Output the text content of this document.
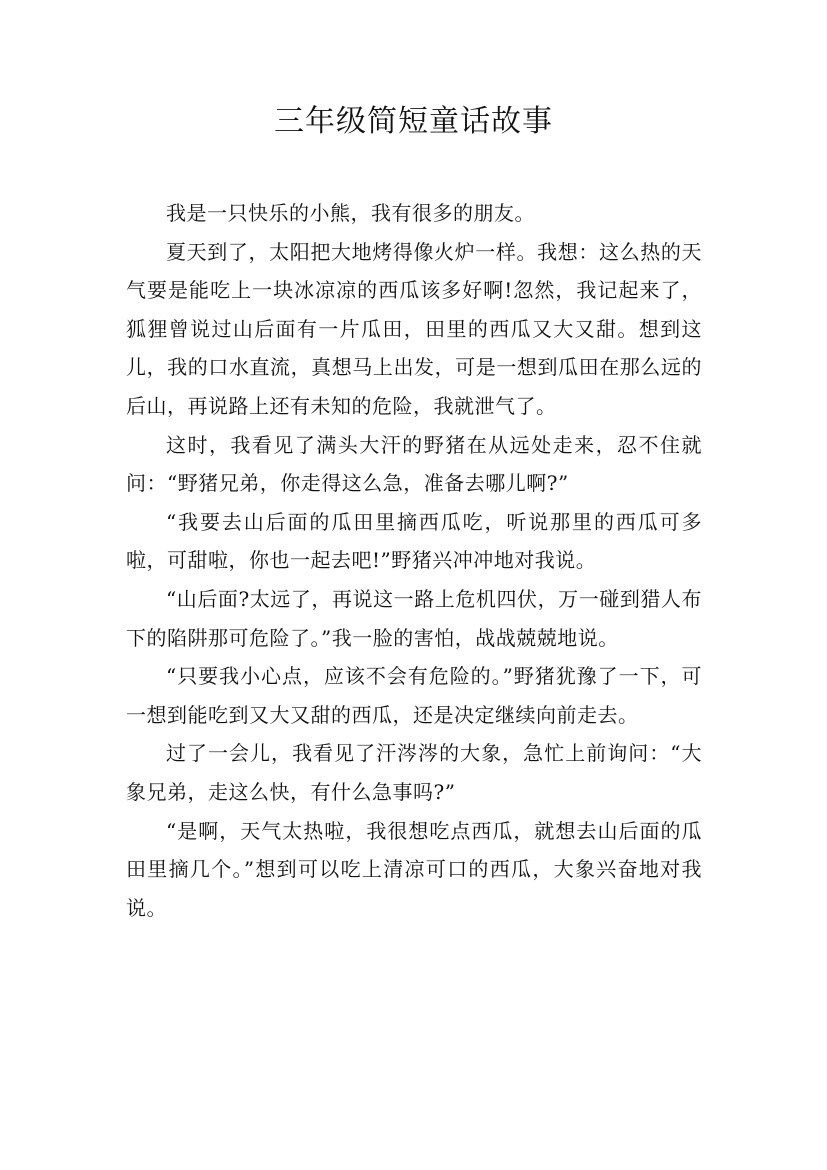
三年级简短童话故事

我是一只快乐的小熊，我有很多的朋友。

夏天到了，太阳把大地烤得像火炉一样。我想：这么热的天气要是能吃上一块冰凉凉的西瓜该多好啊!忽然，我记起来了，狐狸曾说过山后面有一片瓜田，田里的西瓜又大又甜。想到这儿，我的口水直流，真想马上出发，可是一想到瓜田在那么远的后山，再说路上还有未知的危险，我就泄气了。

这时，我看见了满头大汗的野猪在从远处走来，忍不住就问：“野猪兄弟，你走得这么急，准备去哪儿啊?”

“我要去山后面的瓜田里摘西瓜吃，听说那里的西瓜可多啦，可甜啦，你也一起去吧!”野猪兴冲冲地对我说。

“山后面?太远了，再说这一路上危机四伏，万一碰到猎人布下的陷阱那可危险了。”我一脸的害怕，战战兢兢地说。

“只要我小心点，应该不会有危险的。”野猪犹豫了一下，可一想到能吃到又大又甜的西瓜，还是决定继续向前走去。

过了一会儿，我看见了汗涔涔的大象，急忙上前询问：“大象兄弟，走这么快，有什么急事吗?”

“是啊，天气太热啦，我很想吃点西瓜，就想去山后面的瓜田里摘几个。”想到可以吃上清凉可口的西瓜，大象兴奋地对我说。
